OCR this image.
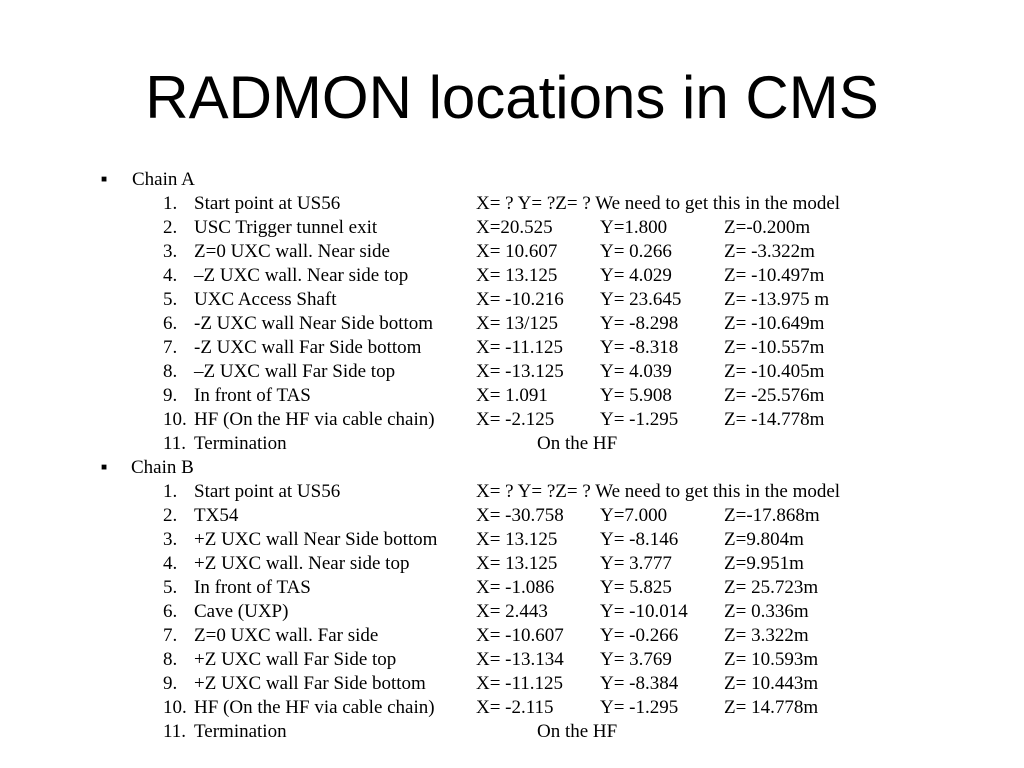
RADMON locations in CMS
■ Chain A
1. Start point at US56	X= ? Y= ?Z= ? We need to get this in the model
2. USC Trigger tunnel exit	X=20.525 Y=1.800	Z=-0.200m
3. Z=0 UXC wall. Near side	X= 10.607 Y= 0.266	Z= -3.322m
4. –Z UXC wall. Near side top	X= 13.125 Y= 4.029	Z= -10.497m
5. UXC Access Shaft	X= -10.216 Y= 23.645 Z= -13.975 m
6. -Z UXC wall Near Side bottom X= 13/125 Y= -8.298 Z= -10.649m
7. -Z UXC wall Far Side bottom	X= -11.125 Y= -8.318 Z= -10.557m
8. –Z UXC wall Far Side top	X= -13.125 Y= 4.039	Z= -10.405m
9. In front of TAS	X= 1.091	Y= 5.908	Z= -25.576m
10. HF (On the HF via cable chain) X= -2.125 Y= -1.295 Z= -14.778m
11. Termination	On the HF
■ Chain B
1. Start point at US56	X= ? Y= ?Z= ? We need to get this in the model
2. TX54	X= -30.758 Y=7.000	Z=-17.868m
3. +Z UXC wall Near Side bottom X= 13.125 Y= -8.146 Z=9.804m
4. +Z UXC wall. Near side top	X= 13.125 Y= 3.777	Z=9.951m
5. In front of TAS	X= -1.086 Y= 5.825	Z= 25.723m
6. Cave (UXP)	X= 2.443	Y= -10.014 Z= 0.336m
7. Z=0 UXC wall. Far side	X= -10.607 Y= -0.266 Z= 3.322m
8. +Z UXC wall Far Side top	X= -13.134 Y= 3.769	Z= 10.593m
9. +Z UXC wall Far Side bottom	X= -11.125 Y= -8.384 Z= 10.443m
10. HF (On the HF via cable chain) X= -2.115 Y= -1.295 Z= 14.778m
11. Termination	On the HF
